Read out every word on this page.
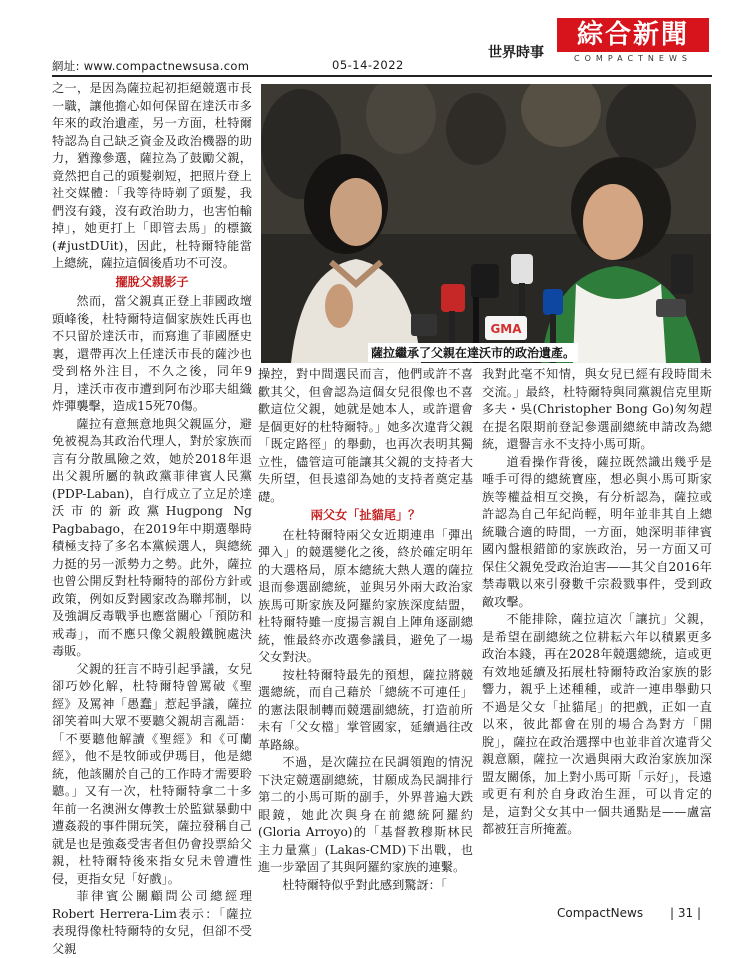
網址: www.compactnewsusa.com	05-14-2022
世界時事
綜合新聞
COMPACTNEWS

之一，是因為薩拉起初拒絕競選市長一職，讓他擔心如何保留在達沃市多年來的政治遺產，另一方面，杜特爾特認為自己缺乏資金及政治機器的助力，猶豫參選，薩拉為了鼓勵父親，竟然把自己的頭髮剃短，把照片登上社交媒體：「我等待時剃了頭髮，我們沒有錢，沒有政治助力，也害怕輸掉」，她更打上「即管去馬」的標籤(#justDUit)，因此，杜特爾特能當上總統，薩拉這個後盾功不可沒。

擺脫父親影子

然而，當父親真正登上菲國政壇頭峰後，杜特爾特這個家族姓氏再也不只留於達沃市，而寫進了菲國歷史裏，還帶再次上任達沃市長的薩沙也受到格外注目，不久之後，同年9月，達沃市夜市遭到阿布沙耶夫組織炸彈襲擊，造成15死70傷。

薩拉有意無意地與父親區分，避免被視為其政治代理人，對於家族而言有分散風險之效，她於2018年退出父親所屬的執政黨菲律賓人民黨(PDP-Laban)，自行成立了立足於達沃市的新政黨Hugpong Ng Pagbabago，在2019年中期選舉時積極支持了多名本黨候選人，與總統力挺的另一派勢力之勢。此外，薩拉也曾公開反對杜特爾特的部份方針或政策，例如反對國家改為聯邦制，以及強調反毒戰爭也應當關心「預防和戒毒」，而不應只像父親般鐵腕處決毒販。

父親的狂言不時引起爭議，女兒卻巧妙化解，杜特爾特曾罵破《聖經》及罵神「愚蠢」惹起爭議，薩拉卻笑着叫大眾不要聽父親胡言亂語：「不要聽他解讀《聖經》和《可蘭經》，他不是牧師或伊瑪目，他是總統，他該關於自己的工作時才需要聆聽。」又有一次，杜特爾特拿二十多年前一名澳洲女傳教士於監獄暴動中遭姦殺的事件開玩笑，薩拉發稱自己就是也是強姦受害者但仍會投票給父親，杜特爾特後來指女兒未曾遭性侵，更指女兒「好戲」。

菲律賓公關顧問公司總經理Robert Herrera-Lim表示：「薩拉表現得像杜特爾特的女兒，但卻不受父親

GMA
薩拉繼承了父親在達沃市的政治遺產。

操控，對中間選民而言，他們或許不喜歡其父，但會認為這個女兒很像也不喜歡這位父親，她就是她本人，或許還會是個更好的杜特爾特。」她多次違背父親「既定路徑」的舉動，也再次表明其獨立性，儘管這可能讓其父親的支持者大失所望，但長遠卻為她的支持者奠定基礎。

兩父女「扯貓尾」？

在杜特爾特兩父女近期連串「彈出彈入」的競選變化之後，終於確定明年的大選格局，原本總統大熱人選的薩拉退而參選副總統，並與另外兩大政治家族馬可斯家族及阿羅約家族深度結盟，杜特爾特雖一度揚言親自上陣角逐副總統，惟最終亦改選參議員，避免了一場父女對決。

按杜特爾特最先的預想，薩拉將競選總統，而自己藉於「總統不可連任」的憲法限制轉而競選副總統，打造前所未有「父女檔」掌管國家，延續過往改革路線。

不過，是次薩拉在民調領跑的情況下決定競選副總統，甘願成為民調排行第二的小馬可斯的副手，外界普遍大跌眼鏡，她此次與身在前總統阿羅約(Gloria Arroyo)的「基督教穆斯林民主力量黨」(Lakas-CMD)下出戰，也進一步鞏固了其與阿羅約家族的連繫。

杜特爾特似乎對此感到驚訝：「

我對此毫不知情，與女兒已經有段時間未交流。」最終，杜特爾特與同黨親信克里斯多夫・吳(Christopher Bong Go)匆匆趕在提名限期前登記參選副總統申請改為總統，還譽言永不支持小馬可斯。

道看操作背後，薩拉既然識出幾乎是唾手可得的總統寶座，想必與小馬可斯家族等權益相互交換，有分析認為，薩拉或許認為自己年紀尚輕，明年並非其自上總統職合適的時間，一方面，她深明菲律賓國內盤根錯節的家族政治，另一方面又可保住父親免受政治迫害——其父自2016年禁毒戰以來引發數千宗殺戮事件，受到政敵攻擊。

不能排除，薩拉這次「讓抗」父親，是希望在副總統之位耕耘六年以積累更多政治本錢，再在2028年競選總統，這或更有效地延續及拓展杜特爾特政治家族的影響力，親乎上述種種，或許一連串舉動只不過是父女「扯貓尾」的把戲，正如一直以來，彼此都會在別的場合為對方「開脫」，薩拉在政治選擇中也並非首次違背父親意願，薩拉一次過與兩大政治家族加深盟友關係，加上對小馬可斯「示好」，長遠或更有利於自身政治生涯，可以肯定的是，這對父女其中一個共通點是——盧富都被狂言所掩蓋。

CompactNews | 31 |
